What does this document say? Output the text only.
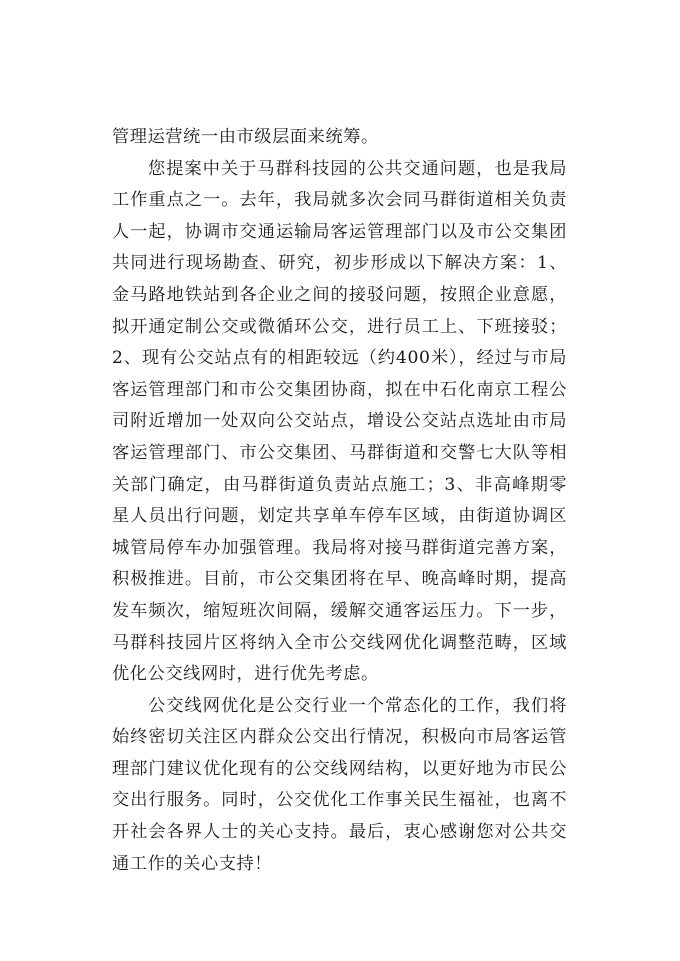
管理运营统一由市级层面来统筹。

您提案中关于马群科技园的公共交通问题，也是我局工作重点之一。去年，我局就多次会同马群街道相关负责人一起，协调市交通运输局客运管理部门以及市公交集团共同进行现场勘查、研究，初步形成以下解决方案：1、金马路地铁站到各企业之间的接驳问题，按照企业意愿，拟开通定制公交或微循环公交，进行员工上、下班接驳；2、现有公交站点有的相距较远（约400米），经过与市局客运管理部门和市公交集团协商，拟在中石化南京工程公司附近增加一处双向公交站点，增设公交站点选址由市局客运管理部门、市公交集团、马群街道和交警七大队等相关部门确定，由马群街道负责站点施工；3、非高峰期零星人员出行问题，划定共享单车停车区域，由街道协调区城管局停车办加强管理。我局将对接马群街道完善方案，积极推进。目前，市公交集团将在早、晚高峰时期，提高发车频次，缩短班次间隔，缓解交通客运压力。下一步，马群科技园片区将纳入全市公交线网优化调整范畴，区域优化公交线网时，进行优先考虑。

公交线网优化是公交行业一个常态化的工作，我们将始终密切关注区内群众公交出行情况，积极向市局客运管理部门建议优化现有的公交线网结构，以更好地为市民公交出行服务。同时，公交优化工作事关民生福祉，也离不开社会各界人士的关心支持。最后，衷心感谢您对公共交通工作的关心支持！
